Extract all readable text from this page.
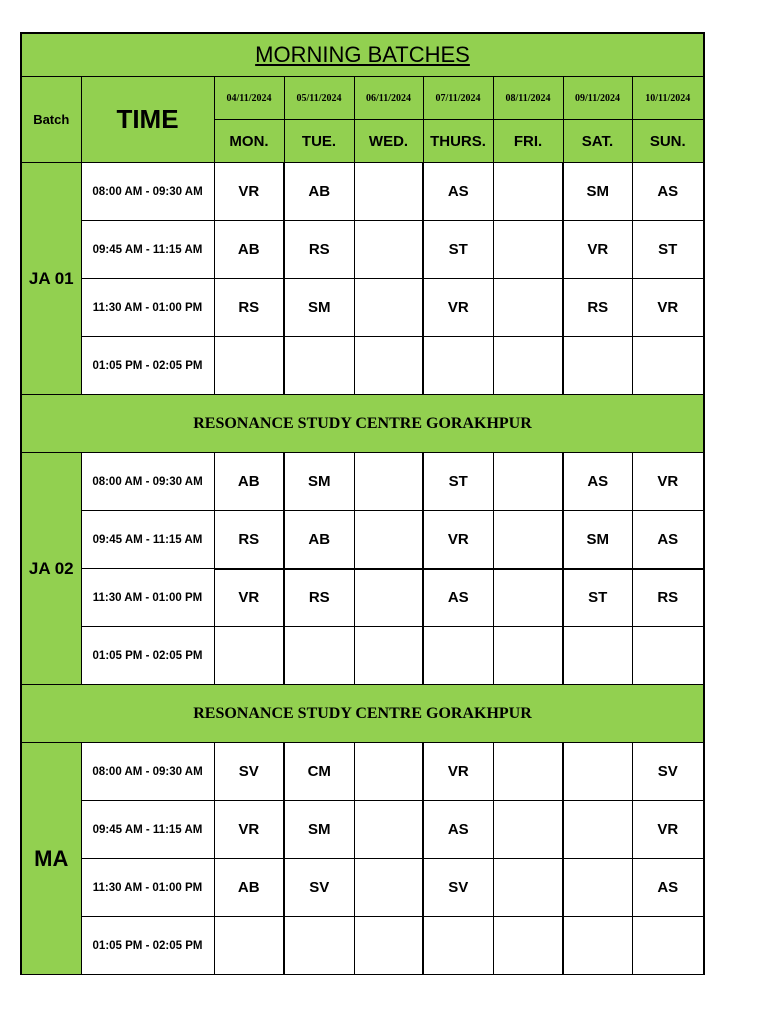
MORNING BATCHES								
Batch	TIME	04/11/2024	05/11/2024	06/11/2024	07/11/2024	08/11/2024	09/11/2024	10/11/2024
		MON.	TUE.	WED.	THURS.	FRI.	SAT.	SUN.
JA 01	08:00 AM - 09:30 AM	VR	AB		AS		SM	AS
	09:45 AM - 11:15 AM	AB	RS		ST		VR	ST
	11:30 AM - 01:00 PM	RS	SM		VR		RS	VR
	01:05 PM - 02:05 PM							
RESONANCE STUDY CENTRE GORAKHPUR								
JA 02	08:00 AM - 09:30 AM	AB	SM		ST		AS	VR
	09:45 AM - 11:15 AM	RS	AB		VR		SM	AS
	11:30 AM - 01:00 PM	VR	RS		AS		ST	RS
	01:05 PM - 02:05 PM							
RESONANCE STUDY CENTRE GORAKHPUR								
MA	08:00 AM - 09:30 AM	SV	CM		VR			SV
	09:45 AM - 11:15 AM	VR	SM		AS			VR
	11:30 AM - 01:00 PM	AB	SV		SV			AS
	01:05 PM - 02:05 PM							
